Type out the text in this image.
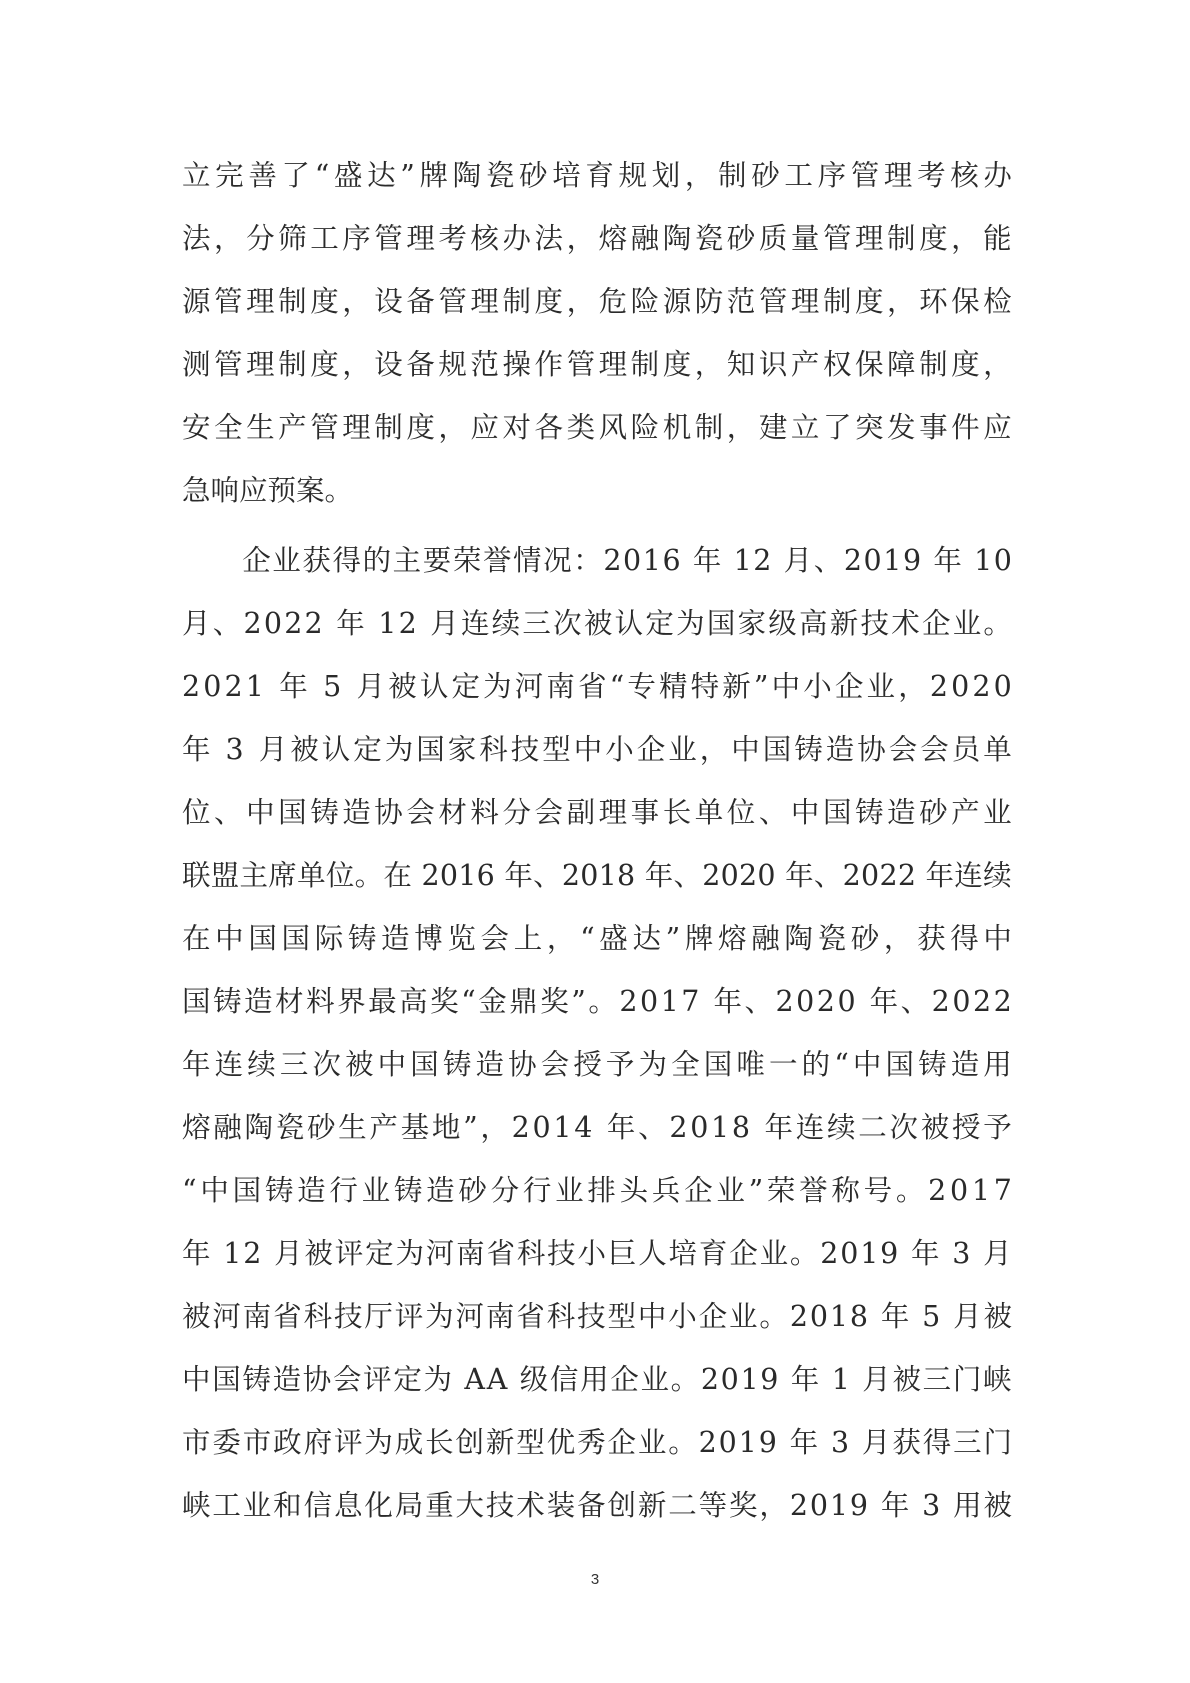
立 完 善 了 “ 盛 达 ” 牌 陶 瓷 砂 培 育 规 划 ， 制 砂 工 序 管 理 考 核 办
法 ， 分 筛 工 序 管 理 考 核 办 法 ， 熔 融 陶 瓷 砂 质 量 管 理 制 度 ， 能
源 管 理 制 度 ， 设 备 管 理 制 度 ， 危 险 源 防 范 管 理 制 度 ， 环 保 检
测 管 理 制 度 ， 设 备 规 范 操 作 管 理 制 度 ， 知 识 产 权 保 障 制 度 ，
安 全 生 产 管 理 制 度 ， 应 对 各 类 风 险 机 制 ， 建 立 了 突 发 事 件 应
急响应预案。

企 业 获 得 的 主 要 荣 誉 情 况 ： 2 0 1 6
年
1 2
月 、 2 0 1 9
年
1 0
月 、 2 0 2 2
年
1 2
月 连 续 三 次 被 认 定 为 国 家 级 高 新 技 术 企 业 。
2 0 2 1
年
5
月 被 认 定 为 河 南 省 “ 专 精 特 新 ” 中 小 企 业 ， 2 0 2 0
年
3
月 被 认 定 为 国 家 科 技 型 中 小 企 业 ， 中 国 铸 造 协 会 会 员 单
位 、 中 国 铸 造 协 会 材 料 分 会 副 理 事 长 单 位 、 中 国 铸 造 砂 产 业
联 盟 主 席 单 位 。 在
2 0 1 6
年 、 2 0 1 8
年 、 2 0 2 0
年 、 2 0 2 2
年 连 续
在 中 国 国 际 铸 造 博 览 会 上 ， “ 盛 达 ” 牌 熔 融 陶 瓷 砂 ， 获 得 中
国 铸 造 材 料 界 最 高 奖 “ 金 鼎 奖 ” 。 2 0 1 7
年 、 2 0 2 0
年 、 2 0 2 2
年 连 续 三 次 被 中 国 铸 造 协 会 授 予 为 全 国 唯 一 的 “ 中 国 铸 造 用
熔 融 陶 瓷 砂 生 产 基 地 ” ， 2 0 1 4
年 、 2 0 1 8
年 连 续 二 次 被 授 予
“ 中 国 铸 造 行 业 铸 造 砂 分 行 业 排 头 兵 企 业 ” 荣 誉 称 号 。 2 0 1 7
年
1 2
月 被 评 定 为 河 南 省 科 技 小 巨 人 培 育 企 业 。 2 0 1 9
年
3
月
被 河 南 省 科 技 厅 评 为 河 南 省 科 技 型 中 小 企 业 。 2 0 1 8
年
5
月 被
中 国 铸 造 协 会 评 定 为
A A
级 信 用 企 业 。 2 0 1 9
年
1
月 被 三 门 峡
市 委 市 政 府 评 为 成 长 创 新 型 优 秀 企 业 。 2 0 1 9
年
3
月 获 得 三 门
峡 工 业 和 信 息 化 局 重 大 技 术 装 备 创 新 二 等 奖 ， 2 0 1 9
年
3
用 被
3
